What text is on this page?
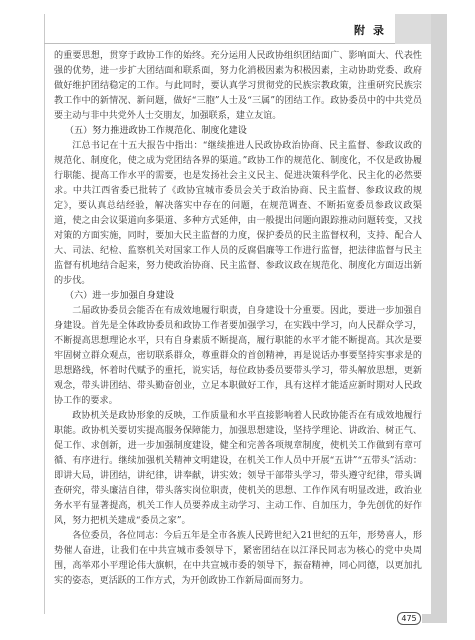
附录

的重要思想，贯穿于政协工作的始终。充分运用人民政协组织团结面广、影响面大、代表性强的优势，进一步扩大团结面和联系面，努力化消极因素为积极因素，主动协助党委、政府做好维护团结稳定的工作。与此同时，要认真学习贯彻党的民族宗教政策，注重研究民族宗教工作中的新情况、新问题，做好“三胞”人士及“三属”的团结工作。政协委员中的中共党员要主动与非中共党外人士交朋友，加强联系，建立友谊。

（五）努力推进政协工作规范化、制度化建设

江总书记在十五大报告中指出：“继续推进人民政协政治协商、民主监督、参政议政的规范化、制度化，使之成为党团结各界的渠道。”政协工作的规范化、制度化，不仅是政协履行职能、提高工作水平的需要，也是发扬社会主义民主、促进决策科学化、民主化的必然要求。中共江西省委已批转了《政协宜城市委员会关于政治协商、民主监督、参政议政的规定》，要认真总结经验，解决落实中存在的问题，在规范调查、不断拓宽委员参政议政渠道，使之由会议渠道向多渠道、多种方式延伸，由一般提出问题向跟踪推动问题转变，又找对策的方面实施，同时，要加大民主监督的力度，保护委员的民主监督权利，支持、配合人大、司法、纪检、监察机关对国家工作人员的反腐倡廉等工作进行监督，把法律监督与民主监督有机地结合起来，努力使政治协商、民主监督、参政议政在规范化、制度化方面迈出新的步伐。

（六）进一步加强自身建设

二届政协委员会能否在有成效地履行职责，自身建设十分重要。因此，要进一步加强自身建设。首先是全体政协委员和政协工作者要加强学习，在实践中学习，向人民群众学习，不断提高思想理论水平，只有自身素质不断提高，履行职能的水平才能不断提高。其次是要牢固树立群众观点，密切联系群众，尊重群众的首创精神，再是说话办事要坚持实事求是的思想路线，怀着时代赋予的重托，说实话，每位政协委员要带头学习，带头解放思想，更新观念，带头讲团结、带头勤奋创业，立足本职做好工作，具有这样才能适应新时期对人民政协工作的要求。

政协机关是政协形象的反映，工作质量和水平直接影响着人民政协能否在有成效地履行职能。政协机关要切实提高服务保障能力，加强思想建设，坚持学理论、讲政治、树正气、促工作、求创新，进一步加强制度建设，健全和完善各项规章制度，使机关工作做到有章可循、有序进行。继续加强机关精神文明建设，在机关工作人员中开展“五讲”“五带头”活动：即讲大局，讲团结，讲纪律，讲奉献，讲实效；领导干部带头学习，带头遵守纪律，带头调查研究，带头廉洁自律，带头落实岗位职责，使机关的思想、工作作风有明显改进，政治业务水平有显著提高，机关工作人员要养成主动学习、主动工作、自加压力，争先创优的好作风，努力把机关建成“委员之家”。

各位委员，各位同志：今后五年是全市各族人民跨世纪入21世纪的五年，形势喜人，形势催人奋进，让我们在中共宣城市委领导下，紧密团结在以江泽民同志为核心的党中央周围，高举邓小平理论伟大旗帜，在中共宣城市委的领导下，振奋精神，同心同德，以更加扎实的姿态，更活跃的工作方式，为开创政协工作新局面而努力。

475
